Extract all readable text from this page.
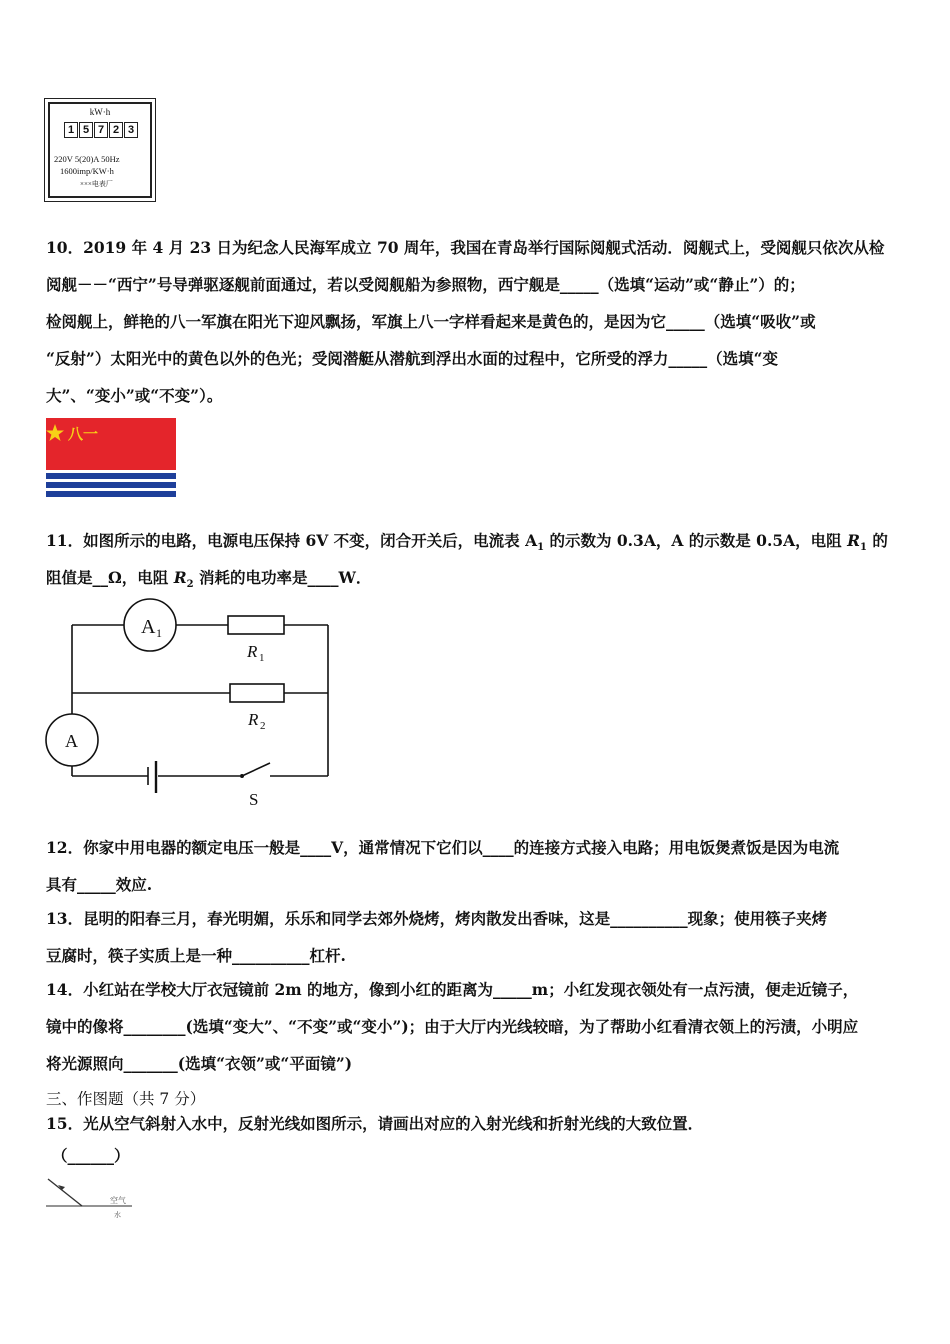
kW·h
1 5 7 2 3
220V 5(20)A 50Hz
1600imp/KW·h
×××电表厂
10．2019 年 4 月 23 日为纪念人民海军成立 70 周年，我国在青岛举行国际阅舰式活动．阅舰式上，受阅舰只依次从检
阅舰－－“西宁”号导弹驱逐舰前面通过，若以受阅舰船为参照物，西宁舰是_____（选填“运动”或“静止”）的；
检阅舰上，鲜艳的八一军旗在阳光下迎风飘扬，军旗上八一字样看起来是黄色的，是因为它_____（选填“吸收”或
“反射”）太阳光中的黄色以外的色光；受阅潜艇从潜航到浮出水面的过程中，它所受的浮力_____（选填“变
大”、“变小”或“不变”）。
八一
11．如图所示的电路，电源电压保持 6V 不变，闭合开关后，电流表 $A_1$ 的示数为 0.3A，A 的示数是 0.5A，电阻 $R_1$ 的
阻值是__Ω，电阻 $R_2$ 消耗的电功率是____W．
A 1
R 1
R 2
A
S
12．你家中用电器的额定电压一般是____V，通常情况下它们以____的连接方式接入电路；用电饭煲煮饭是因为电流
具有_____效应.
13．昆明的阳春三月，春光明媚，乐乐和同学去郊外烧烤，烤肉散发出香味，这是__________现象；使用筷子夹烤
豆腐时，筷子实质上是一种__________杠杆.
14．小红站在学校大厅衣冠镜前 2m 的地方，像到小红的距离为_____m；小红发现衣领处有一点污渍，便走近镜子，
镜中的像将________(选填“变大”、“不变”或“变小”)；由于大厅内光线较暗，为了帮助小红看清衣领上的污渍，小明应
将光源照向_______(选填“衣领”或“平面镜”)
三、作图题（共 7 分）
15．光从空气斜射入水中，反射光线如图所示，请画出对应的入射光线和折射光线的大致位置．
（______）
空气
水
